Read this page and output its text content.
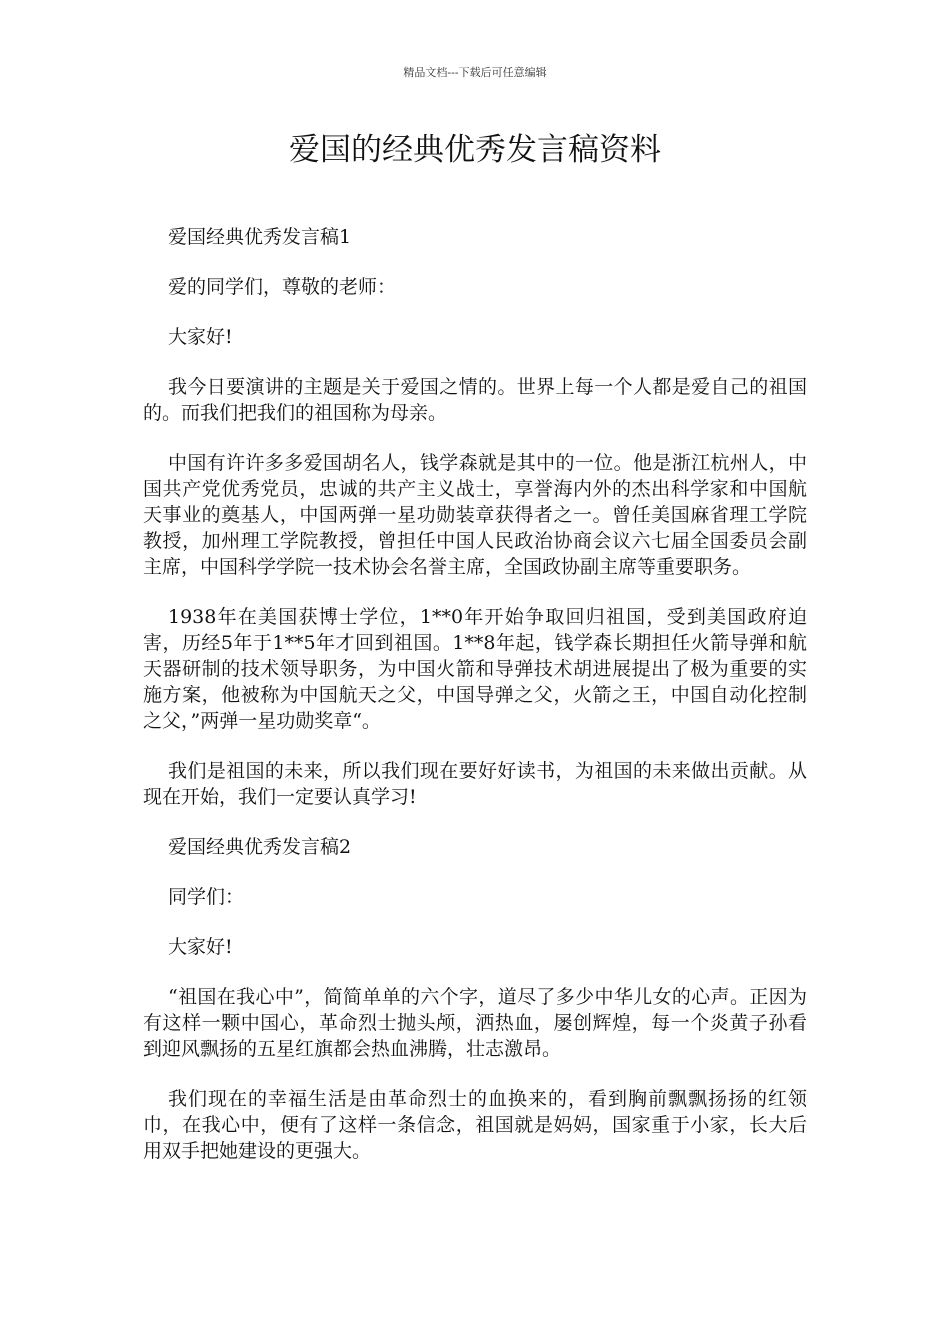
精品文档---下载后可任意编辑
爱国的经典优秀发言稿资料

爱国经典优秀发言稿1

爱的同学们，尊敬的老师：

大家好!

我今日要演讲的主题是关于爱国之情的。世界上每一个人都是爱自己的祖国的。而我们把我们的祖国称为母亲。

中国有许许多多爱国胡名人，钱学森就是其中的一位。他是浙江杭州人，中国共产党优秀党员，忠诚的共产主义战士，享誉海内外的杰出科学家和中国航天事业的奠基人，中国两弹一星功勋装章获得者之一。曾任美国麻省理工学院教授，加州理工学院教授，曾担任中国人民政治协商会议六七届全国委员会副主席，中国科学学院一技术协会名誉主席，全国政协副主席等重要职务。

1938年在美国获博士学位，1**0年开始争取回归祖国，受到美国政府迫害，历经5年于1**5年才回到祖国。1**8年起，钱学森长期担任火箭导弹和航天器研制的技术领导职务，为中国火箭和导弹技术胡进展提出了极为重要的实施方案，他被称为中国航天之父，中国导弹之父，火箭之王，中国自动化控制之父，”两弹一星功勋奖章“。

我们是祖国的未来，所以我们现在要好好读书，为祖国的未来做出贡献。从现在开始，我们一定要认真学习!

爱国经典优秀发言稿2

同学们：

大家好!

“祖国在我心中”，简简单单的六个字，道尽了多少中华儿女的心声。正因为有这样一颗中国心，革命烈士抛头颅，洒热血，屡创辉煌，每一个炎黄子孙看到迎风飘扬的五星红旗都会热血沸腾，壮志激昂。

我们现在的幸福生活是由革命烈士的血换来的，看到胸前飘飘扬扬的红领巾，在我心中，便有了这样一条信念，祖国就是妈妈，国家重于小家，长大后用双手把她建设的更强大。
